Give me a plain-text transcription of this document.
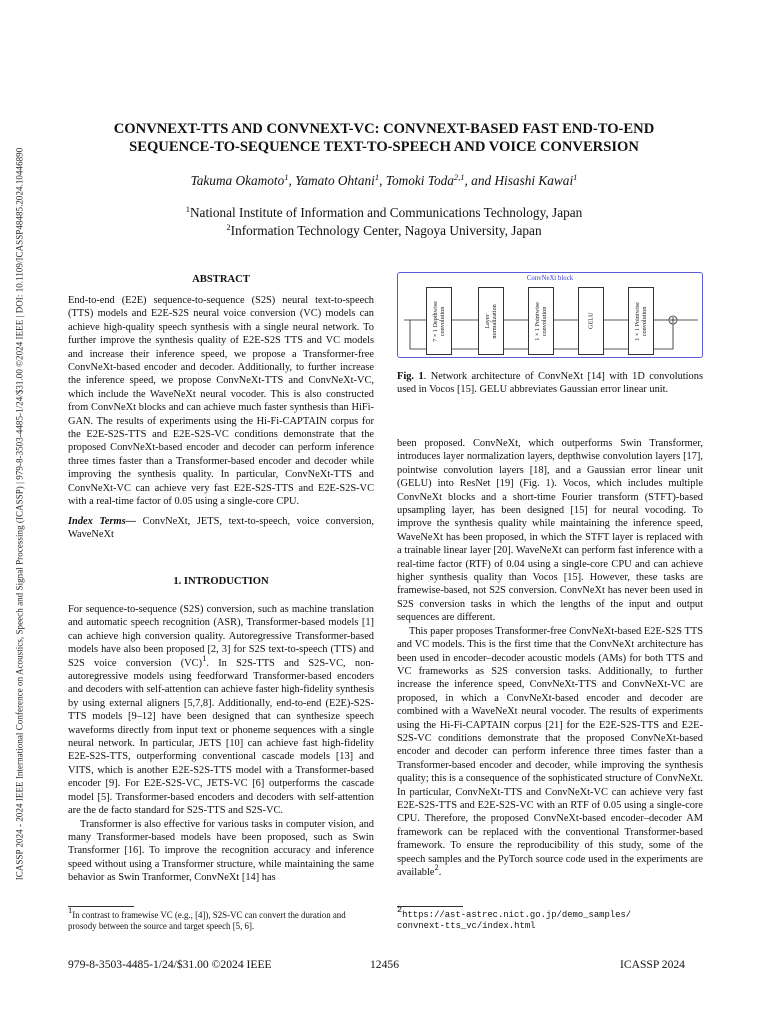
ICASSP 2024 - 2024 IEEE International Conference on Acoustics, Speech and Signal Processing (ICASSP) | 979-8-3503-4485-1/24/$31.00 ©2024 IEEE | DOI: 10.1109/ICASSP48485.2024.10446890
CONVNEXT-TTS AND CONVNEXT-VC: CONVNEXT-BASED FAST END-TO-END
SEQUENCE-TO-SEQUENCE TEXT-TO-SPEECH AND VOICE CONVERSION
Takuma Okamoto$^1$, Yamato Ohtani$^1$, Tomoki Toda$^{2,1}$, and Hisashi Kawai$^1$
$^1$National Institute of Information and Communications Technology, Japan
$^2$Information Technology Center, Nagoya University, Japan
ABSTRACT

End-to-end (E2E) sequence-to-sequence (S2S) neural text-to-speech (TTS) models and E2E-S2S neural voice conversion (VC) models can achieve high-quality speech synthesis with a single neural network. To further improve the synthesis quality of E2E-S2S TTS and VC models and increase their inference speed, we propose a Transformer-free ConvNeXt-based encoder and decoder. Additionally, to further increase the inference speed, we propose ConvNeXt-TTS and ConvNeXt-VC, which include the WaveNeXt neural vocoder. This is also constructed from ConvNeXt blocks and can achieve much faster synthesis than HiFi-GAN. The results of experiments using the Hi-Fi-CAPTAIN corpus for the E2E-S2S-TTS and E2E-S2S-VC conditions demonstrate that the proposed ConvNeXt-based encoder and decoder can perform inference three times faster than a Transformer-based encoder and decoder while improving the synthesis quality. In particular, ConvNeXt-TTS and ConvNeXt-VC can achieve very fast E2E-S2S-TTS and E2E-S2S-VC with a real-time factor of 0.05 using a single-core CPU.

Index Terms— ConvNeXt, JETS, text-to-speech, voice conversion, WaveNeXt

1. INTRODUCTION

For sequence-to-sequence (S2S) conversion, such as machine translation and automatic speech recognition (ASR), Transformer-based models [1] can achieve high conversion quality. Autoregressive Transformer-based models have also been proposed [2, 3] for S2S text-to-speech (TTS) and S2S voice conversion (VC)$^1$. In S2S-TTS and S2S-VC, non-autoregressive models using feedforward Transformer-based encoders and decoders with self-attention can achieve faster high-fidelity synthesis by using external aligners [5,7,8]. Additionally, end-to-end (E2E)-S2S-TTS models [9–12] have been designed that can synthesize speech waveforms directly from input text or phoneme sequences with a single neural network. In particular, JETS [10] can achieve fast high-fidelity E2E-S2S-TTS, outperforming conventional cascade models [13] and VITS, which is another E2E-S2S-TTS model with a Transformer-based encoder [9]. For E2E-S2S-VC, JETS-VC [6] outperforms the cascade model [5]. Transformer-based encoders and decoders with self-attention are the de facto standard for S2S-TTS and S2S-VC.

Transformer is also effective for various tasks in computer vision, and many Transformer-based models have been proposed, such as Swin Transformer [16]. To improve the recognition accuracy and inference speed without using a Transformer structure, while maintaining the same behavior as Swin Tranformer, ConvNeXt [14] has

ConvNeXt block
7 × 1 Depthwise
convolution	Layer
normalization
1 × 1 Pointwise
convolution	GELU
1 × 1 Pointwise
convolution
Fig. 1. Network architecture of ConvNeXt [14] with 1D convolutions used in Vocos [15]. GELU abbreviates Gaussian error linear unit.

been proposed. ConvNeXt, which outperforms Swin Transformer, introduces layer normalization layers, depthwise convolution layers [17], pointwise convolution layers [18], and a Gaussian error linear unit (GELU) into ResNet [19] (Fig. 1). Vocos, which includes multiple ConvNeXt blocks and a short-time Fourier transform (STFT)-based upsampling layer, has been designed [15] for neural vocoding. To improve the synthesis quality while maintaining the inference speed, WaveNeXt has been proposed, in which the STFT layer is replaced with a trainable linear layer [20]. WaveNeXt can perform fast inference with a real-time factor (RTF) of 0.04 using a single-core CPU and can achieve higher synthesis quality than Vocos [15]. However, these tasks are framewise-based, not S2S conversion. ConvNeXt has never been used in S2S conversion tasks in which the lengths of the input and output sequences are different.

This paper proposes Transformer-free ConvNeXt-based E2E-S2S TTS and VC models. This is the first time that the ConvNeXt architecture has been used in encoder–decoder acoustic models (AMs) for both TTS and VC frameworks as S2S conversion tasks. Additionally, to further increase the inference speed, ConvNeXt-TTS and ConvNeXt-VC are proposed, in which a ConvNeXt-based encoder and decoder are combined with a WaveNeXt neural vocoder. The results of experiments using the Hi-Fi-CAPTAIN corpus [21] for the E2E-S2S-TTS and E2E-S2S-VC conditions demonstrate that the proposed ConvNeXt-based encoder and decoder can perform inference three times faster than a Transformer-based encoder and decoder, while improving the synthesis quality; this is a consequence of the sophisticated structure of ConvNeXt. In particular, ConvNeXt-TTS and ConvNeXt-VC can achieve very fast E2E-S2S-TTS and E2E-S2S-VC with an RTF of 0.05 using a single-core CPU. Therefore, the proposed ConvNeXt-based encoder–decoder AM framework can be replaced with the conventional Transformer-based framework. To ensure the reproducibility of this study, some of the speech samples and the PyTorch source code used in the experiments are available$^2$.

$^1$In contrast to framewise VC (e.g., [4]), S2S-VC can convert the duration and prosody between the source and target speech [5, 6].
$^2$https://ast-astrec.nict.go.jp/demo_samples/
convnext-tts_vc/index.html
979-8-3503-4485-1/24/$31.00 ©2024 IEEE	12456	ICASSP 2024
